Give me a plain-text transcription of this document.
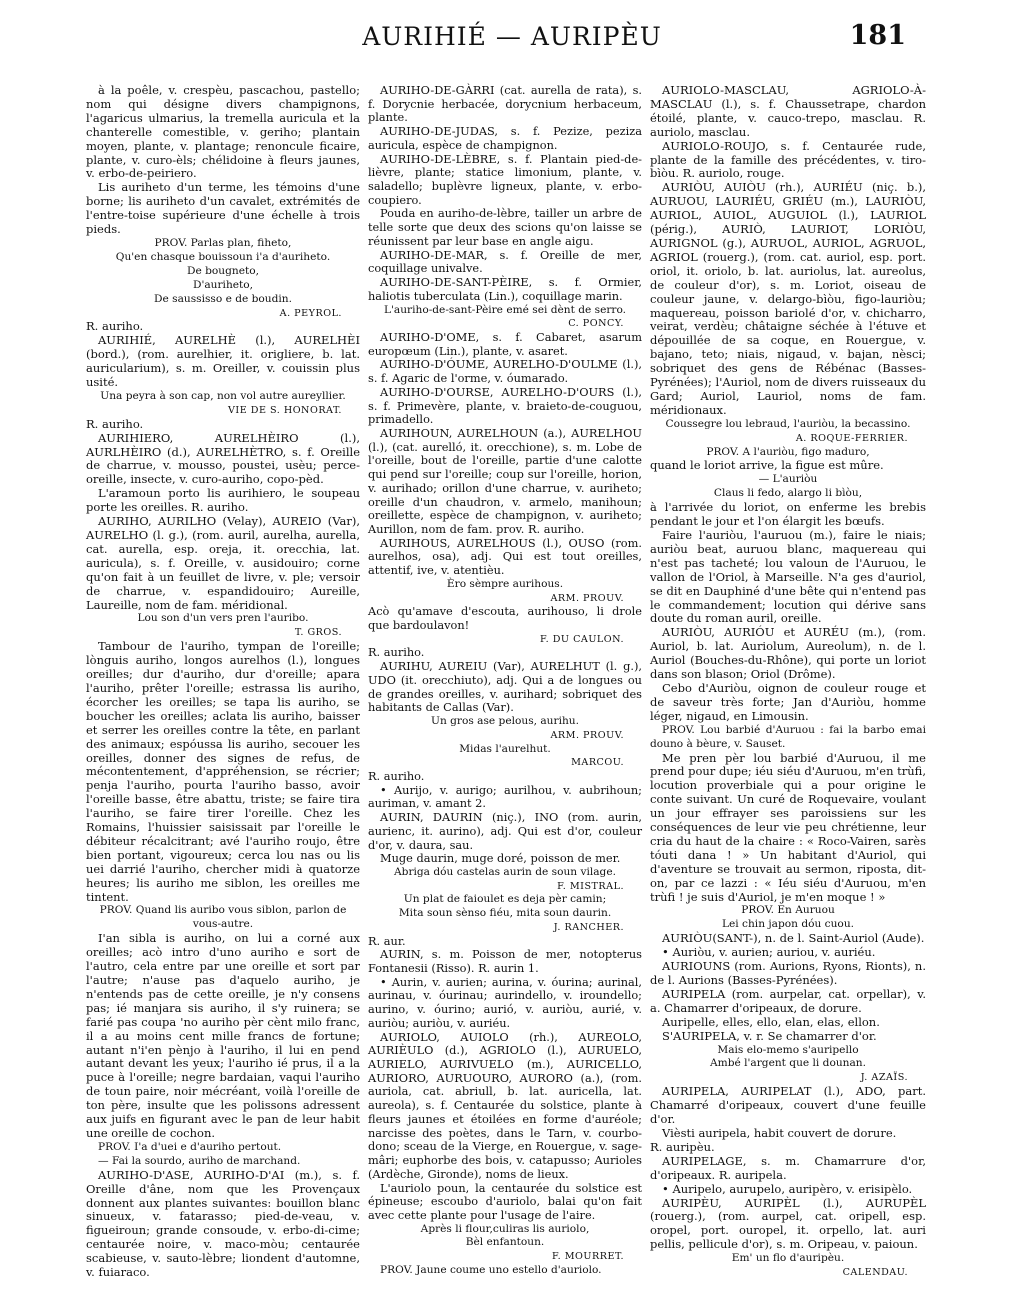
AURIHIÉ — AURIPÈU	181

à la poêle, v. crespèu, pascachou, pastello; nom qui désigne divers champignons, l'agaricus ulmarius, la tremella auricula et la chanterelle comestible, v. geriho; plantain moyen, plante, v. plantage; renoncule ficaire, plante, v. curo-èls; chélidoine à fleurs jaunes, v. erbo-de-peiriero.

Lis auriheto d'un terme, les témoins d'une borne; lis auriheto d'un cavalet, extrémités de l'entre-toise supérieure d'une échelle à trois pieds.

PROV. Parlas plan, fiheto,

Qu'en chasque bouissoun i'a d'auriheto.

De bougneto,

D'auriheto,

De saussisso e de boudin.

A. PEYROL.

R. auriho.

AURIHIÉ, AURELHÈ (l.), AURELHÈI (bord.), (rom. aurelhier, it. origliere, b. lat. auricularium), s. m. Oreiller, v. couissin plus usité.

Una peyra à son cap, non vol autre aureyllier.

VIE DE S. HONORAT.

R. auriho.

AURIHIERO, AURELHÈIRO (l.), AURLHÈIRO (d.), AURELHÈTRO, s. f. Oreille de charrue, v. mousso, poustei, usèu; perce-oreille, insecte, v. curo-auriho, copo-pèd.

L'aramoun porto lis aurihiero, le soupeau porte les oreilles. R. auriho.

AURIHO, AURILHO (Velay), AUREIO (Var), AURELHO (l. g.), (rom. auril, aurelha, aurella, cat. aurella, esp. oreja, it. orecchia, lat. auricula), s. f. Oreille, v. ausidouiro; corne qu'on fait à un feuillet de livre, v. ple; versoir de charrue, v. espandidouiro; Aureille, Laureille, nom de fam. méridional.

Lou son d'un vers pren l'auribo.

T. GROS.

Tambour de l'auriho, tympan de l'oreille; lònguis auriho, longos aurelhos (l.), longues oreilles; dur d'auriho, dur d'oreille; apara l'auriho, prêter l'oreille; estrassa lis auriho, écorcher les oreilles; se tapa lis auriho, se boucher les oreilles; aclata lis auriho, baisser et serrer les oreilles contre la tête, en parlant des animaux; espóussa lis auriho, secouer les oreilles, donner des signes de refus, de mécontentement, d'appréhension, se récrier; penja l'auriho, pourta l'auriho basso, avoir l'oreille basse, être abattu, triste; se faire tira l'auriho, se faire tirer l'oreille. Chez les Romains, l'huissier saisissait par l'oreille le débiteur récalcitrant; avé l'auriho roujo, être bien portant, vigoureux; cerca lou nas ou lis uei darrié l'auriho, chercher midi à quatorze heures; lis auriho me siblon, les oreilles me tintent.

PROV. Quand lis auribo vous siblon, parlon de vous-autre.

I'an sibla is auriho, on lui a corné aux oreilles; acò intro d'uno auriho e sort de l'autro, cela entre par une oreille et sort par l'autre; n'ause pas d'aquelo auriho, je n'entends pas de cette oreille, je n'y consens pas; ié manjara sis auriho, il s'y ruinera; se farié pas coupa 'no auriho pèr cènt milo franc, il a au moins cent mille francs de fortune; autant n'i'en pènjo à l'auriho, il lui en pend autant devant les yeux; l'auriho ié prus, il a la puce à l'oreille; negre bardaian, vaqui l'auriho de toun paire, noir mécréant, voilà l'oreille de ton père, insulte que les polissons adressent aux juifs en figurant avec le pan de leur habit une oreille de cochon.

PROV. I'a d'uei e d'auriho pertout.

— Fai la sourdo, auriho de marchand.

AURIHO-D'ASE, AURIHO-D'AI (m.), s. f. Oreille d'âne, nom que les Provençaux donnent aux plantes suivantes: bouillon blanc sinueux, v. fatarasso; pied-de-veau, v. figueiroun; grande consoude, v. erbo-di-cime; centaurée noire, v. maco-mòu; centaurée scabieuse, v. sauto-lèbre; liondent d'automne, v. fuiaraco.

AURIHO-DE-GÀRRI (cat. aurella de rata), s. f. Dorycnie herbacée, dorycnium herbaceum, plante.

AURIHO-DE-JUDAS, s. f. Pezize, peziza auricula, espèce de champignon.

AURIHO-DE-LÈBRE, s. f. Plantain pied-de-lièvre, plante; statice limonium, plante, v. saladello; buplèvre ligneux, plante, v. erbo-coupiero.

Pouda en auriho-de-lèbre, tailler un arbre de telle sorte que deux des scions qu'on laisse se réunissent par leur base en angle aigu.

AURIHO-DE-MAR, s. f. Oreille de mer, coquillage univalve.

AURIHO-DE-SANT-PÈIRE, s. f. Ormier, haliotis tuberculata (Lin.), coquillage marin.

L'auriho-de-sant-Pèire emé sei dènt de serro.

C. PONCY.

AURIHO-D'OME, s. f. Cabaret, asarum europœum (Lin.), plante, v. asaret.

AURIHO-D'ÓUME, AURELHO-D'OULME (l.), s. f. Agaric de l'orme, v. óumarado.

AURIHO-D'OURSE, AURELHO-D'OURS (l.), s. f. Primevère, plante, v. braieto-de-couguou, primadello.

AURIHOUN, AURELHOUN (a.), AURELHOU (l.), (cat. aurelló, it. orecchione), s. m. Lobe de l'oreille, bout de l'oreille, partie d'une calotte qui pend sur l'oreille; coup sur l'oreille, horion, v. aurihado; orillon d'une charrue, v. auriheto; oreille d'un chaudron, v. armelo, manihoun; oreillette, espèce de champignon, v. auriheto; Aurillon, nom de fam. prov. R. auriho.

AURIHOUS, AURELHOUS (l.), OUSO (rom. aurelhos, osa), adj. Qui est tout oreilles, attentif, ive, v. atentièu.

Èro sèmpre aurihous.

ARM. PROUV.

Acò qu'amave d'escouta, aurihouso, li drole que bardoulavon!

F. DU CAULON.

R. auriho.

AURIHU, AUREIU (Var), AURELHUT (l. g.), UDO (it. orecchiuto), adj. Qui a de longues ou de grandes oreilles, v. aurihard; sobriquet des habitants de Callas (Var).

Un gros ase pelous, aurihu.

ARM. PROUV.

Midas l'aurelhut.

MARCOU.

R. auriho.

• Aurijo, v. aurigo; aurilhou, v. aubrihoun; auriman, v. amant 2.

AURIN, DAURIN (niç.), INO (rom. aurin, aurienc, it. aurino), adj. Qui est d'or, couleur d'or, v. daura, sau.

Muge daurin, muge doré, poisson de mer.

Abriga dóu castelas aurin de soun vilage.

F. MISTRAL.

Un plat de faioulet es deja pèr camin;

Mita soun sènso fiéu, mita soun daurin.

J. RANCHER.

R. aur.

AURIN, s. m. Poisson de mer, notopterus Fontanesii (Risso). R. aurin 1.

• Aurin, v. aurien; aurina, v. óurina; aurinal, aurinau, v. óurinau; aurindello, v. iroundello; aurino, v. óurino; aurió, v. auriòu, aurié, v. auriòu; auriòu, v. auriéu.

AURIOLO, AUIOLO (rh.), AUREOLO, AURIÈULO (d.), AGRIOLO (l.), AURUELO, AURIELO, AURIVUELO (m.), AURICELLO, AURIORO, AURUOURO, AURORO (a.), (rom. auriola, cat. abriull, b. lat. auricella, lat. aureola), s. f. Centaurée du solstice, plante à fleurs jaunes et étoilées en forme d'auréole; narcisse des poètes, dans le Tarn, v. courbo-dono; sceau de la Vierge, en Rouergue, v. sage-mâri; euphorbe des bois, v. catapusso; Aurioles (Ardèche, Gironde), noms de lieux.

L'auriolo poun, la centaurée du solstice est épineuse; escoubo d'auriolo, balai qu'on fait avec cette plante pour l'usage de l'aire.

Après li flour,culiras lis auriolo,

Bèl enfantoun.

F. MOURRET.

PROV. Jaune coume uno estello d'auriolo.

AURIOLO-MASCLAU, AGRIOLO-À-MASCLAU (l.), s. f. Chaussetrape, chardon étoilé, plante, v. cauco-trepo, masclau. R. auriolo, masclau.

AURIOLO-ROUJO, s. f. Centaurée rude, plante de la famille des précédentes, v. tiro-bìòu. R. auriolo, rouge.

AURIÒU, AUIÒU (rh.), AURIÉU (niç. b.), AURUOU, LAURIÉU, GRIÉU (m.), LAURIÒU, AURIOL, AUIOL, AUGUIOL (l.), LAURIOL (périg.), AURIÒ, LAURIOT, LORIÒU, AURIGNOL (g.), AURUOL, AURIOL, AGRUOL, AGRIOL (rouerg.), (rom. cat. auriol, esp. port. oriol, it. oriolo, b. lat. auriolus, lat. aureolus, de couleur d'or), s. m. Loriot, oiseau de couleur jaune, v. delargo-bìòu, figo-lauriòu; maquereau, poisson bariolé d'or, v. chicharro, veirat, verdèu; châtaigne séchée à l'étuve et dépouillée de sa coque, en Rouergue, v. bajano, teto; niais, nigaud, v. bajan, nèsci; sobriquet des gens de Rébénac (Basses-Pyrénées); l'Auriol, nom de divers ruisseaux du Gard; Auriol, Lauriol, noms de fam. méridionaux.

Coussegre lou lebraud, l'auriòu, la becassino.

A. ROQUE-FERRIER.

PROV. A l'auriòu, figo maduro,

quand le loriot arrive, la figue est mûre.

— L'auriòu

Claus li fedo, alargo li bìòu,

à l'arrivée du loriot, on enferme les brebis pendant le jour et l'on élargit les bœufs.

Faire l'auriòu, l'auruou (m.), faire le niais; auriòu beat, auruou blanc, maquereau qui n'est pas tacheté; lou valoun de l'Auruou, le vallon de l'Oriol, à Marseille. N'a ges d'auriol, se dit en Dauphiné d'une bête qui n'entend pas le commandement; locution qui dérive sans doute du roman auril, oreille.

AURIÒU, AURIÓU et AURÉU (m.), (rom. Auriol, b. lat. Auriolum, Aureolum), n. de l. Auriol (Bouches-du-Rhône), qui porte un loriot dans son blason; Oriol (Drôme).

Cebo d'Auriòu, oignon de couleur rouge et de saveur très forte; Jan d'Auriòu, homme léger, nigaud, en Limousin.

PROV. Lou barbié d'Auruou : fai la barbo emai douno à bèure, v. Sauset.

Me pren pèr lou barbié d'Auruou, il me prend pour dupe; iéu siéu d'Auruou, m'en trùfi, locution proverbiale qui a pour origine le conte suivant. Un curé de Roquevaire, voulant un jour effrayer ses paroissiens sur les conséquences de leur vie peu chrétienne, leur cria du haut de la chaire : « Roco-Vairen, sarès tóuti dana ! » Un habitant d'Auriol, qui d'aventure se trouvait au sermon, riposta, dit-on, par ce lazzi : « Iéu siéu d'Auruou, m'en trùfi ! je suis d'Auriol, je m'en moque ! »

PROV. En Auruou

Lei chin japon dóu cuou.

AURIÒU(SANT-), n. de l. Saint-Auriol (Aude).

• Auriòu, v. aurien; auriou, v. auriéu.

AURIOUNS (rom. Aurions, Ryons, Rionts), n. de l. Aurions (Basses-Pyrénées).

AURIPELA (rom. aurpelar, cat. orpellar), v. a. Chamarrer d'oripeaux, de dorure.

Auripelle, elles, ello, elan, elas, ellon.

S'AURIPELA, v. r. Se chamarrer d'or.

Mais elo-memo s'auripello

Ambé l'argent que li dounan.

J. AZAÏS.

AURIPELA, AURIPELAT (l.), ADO, part. Chamarré d'oripeaux, couvert d'une feuille d'or.

Vièsti auripela, habit couvert de dorure.

R. auripèu.

AURIPELAGE, s. m. Chamarrure d'or, d'oripeaux. R. auripela.

• Auripelo, aurupelo, auripèro, v. erisipèlo.

AURIPÈU, AURIPÈL (l.), AURUPÈL (rouerg.), (rom. aurpel, cat. oripell, esp. oropel, port. ouropel, it. orpello, lat. auri pellis, pellicule d'or), s. m. Oripeau, v. paioun.

Em' un flo d'auripèu.

CALENDAU.
